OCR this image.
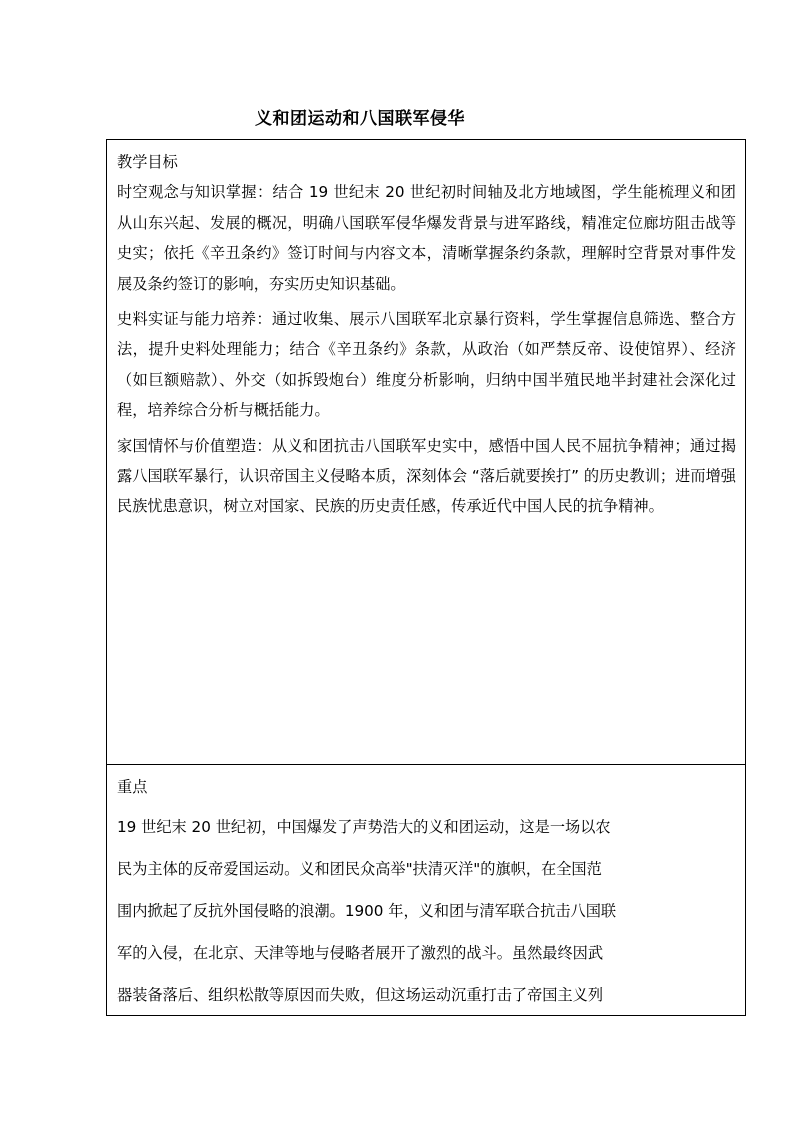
义和团运动和八国联军侵华

教学目标

时空观念与知识掌握：结合 19 世纪末 20 世纪初时间轴及北方地域图，学生能梳理义和团从山东兴起、发展的概况，明确八国联军侵华爆发背景与进军路线，精准定位廊坊阻击战等史实；依托《辛丑条约》签订时间与内容文本，清晰掌握条约条款，理解时空背景对事件发展及条约签订的影响，夯实历史知识基础。

史料实证与能力培养：通过收集、展示八国联军北京暴行资料，学生掌握信息筛选、整合方法，提升史料处理能力；结合《辛丑条约》条款，从政治（如严禁反帝、设使馆界）、经济（如巨额赔款）、外交（如拆毁炮台）维度分析影响，归纳中国半殖民地半封建社会深化过程，培养综合分析与概括能力。

家国情怀与价值塑造：从义和团抗击八国联军史实中，感悟中国人民不屈抗争精神；通过揭露八国联军暴行，认识帝国主义侵略本质，深刻体会 “落后就要挨打” 的历史教训；进而增强民族忧患意识，树立对国家、民族的历史责任感，传承近代中国人民的抗争精神。

重点

19 世纪末 20 世纪初，中国爆发了声势浩大的义和团运动，这是一场以农

民为主体的反帝爱国运动。义和团民众高举"扶清灭洋"的旗帜，在全国范

围内掀起了反抗外国侵略的浪潮。1900 年，义和团与清军联合抗击八国联

军的入侵，在北京、天津等地与侵略者展开了激烈的战斗。虽然最终因武

器装备落后、组织松散等原因而失败，但这场运动沉重打击了帝国主义列
